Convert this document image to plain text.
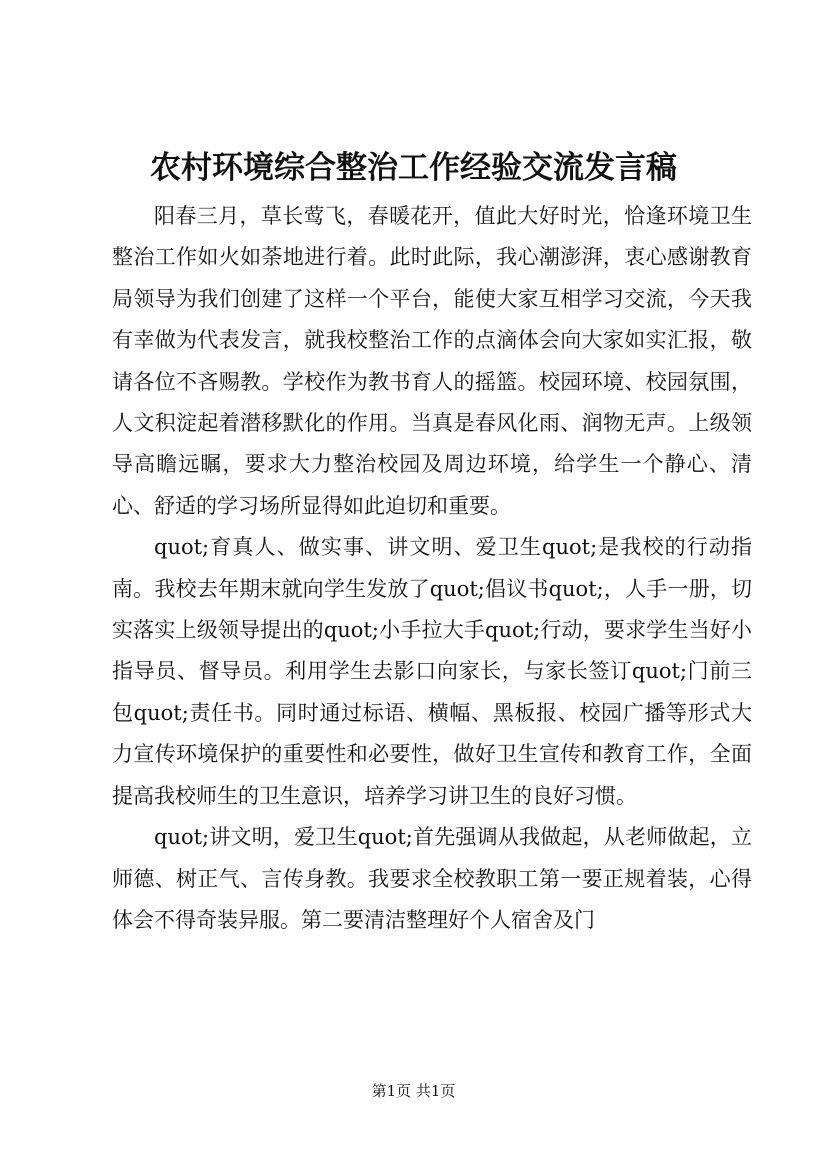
农村环境综合整治工作经验交流发言稿

阳春三月，草长莺飞，春暖花开，值此大好时光，恰逢环境卫生整治工作如火如荼地进行着。此时此际，我心潮澎湃，衷心感谢教育局领导为我们创建了这样一个平台，能使大家互相学习交流，今天我有幸做为代表发言，就我校整治工作的点滴体会向大家如实汇报，敬请各位不吝赐教。学校作为教书育人的摇篮。校园环境、校园氛围，人文积淀起着潜移默化的作用。当真是春风化雨、润物无声。上级领导高瞻远瞩，要求大力整治校园及周边环境，给学生一个静心、清心、舒适的学习场所显得如此迫切和重要。

quot;育真人、做实事、讲文明、爱卫生quot;是我校的行动指南。我校去年期末就向学生发放了quot;倡议书quot;，人手一册，切实落实上级领导提出的quot;小手拉大手quot;行动，要求学生当好小指导员、督导员。利用学生去影口向家长，与家长签订quot;门前三包quot;责任书。同时通过标语、横幅、黑板报、校园广播等形式大力宣传环境保护的重要性和必要性，做好卫生宣传和教育工作，全面提高我校师生的卫生意识，培养学习讲卫生的良好习惯。

quot;讲文明，爱卫生quot;首先强调从我做起，从老师做起，立师德、树正气、言传身教。我要求全校教职工第一要正规着装，心得体会不得奇装异服。第二要清洁整理好个人宿舍及门

第1页 共1页
